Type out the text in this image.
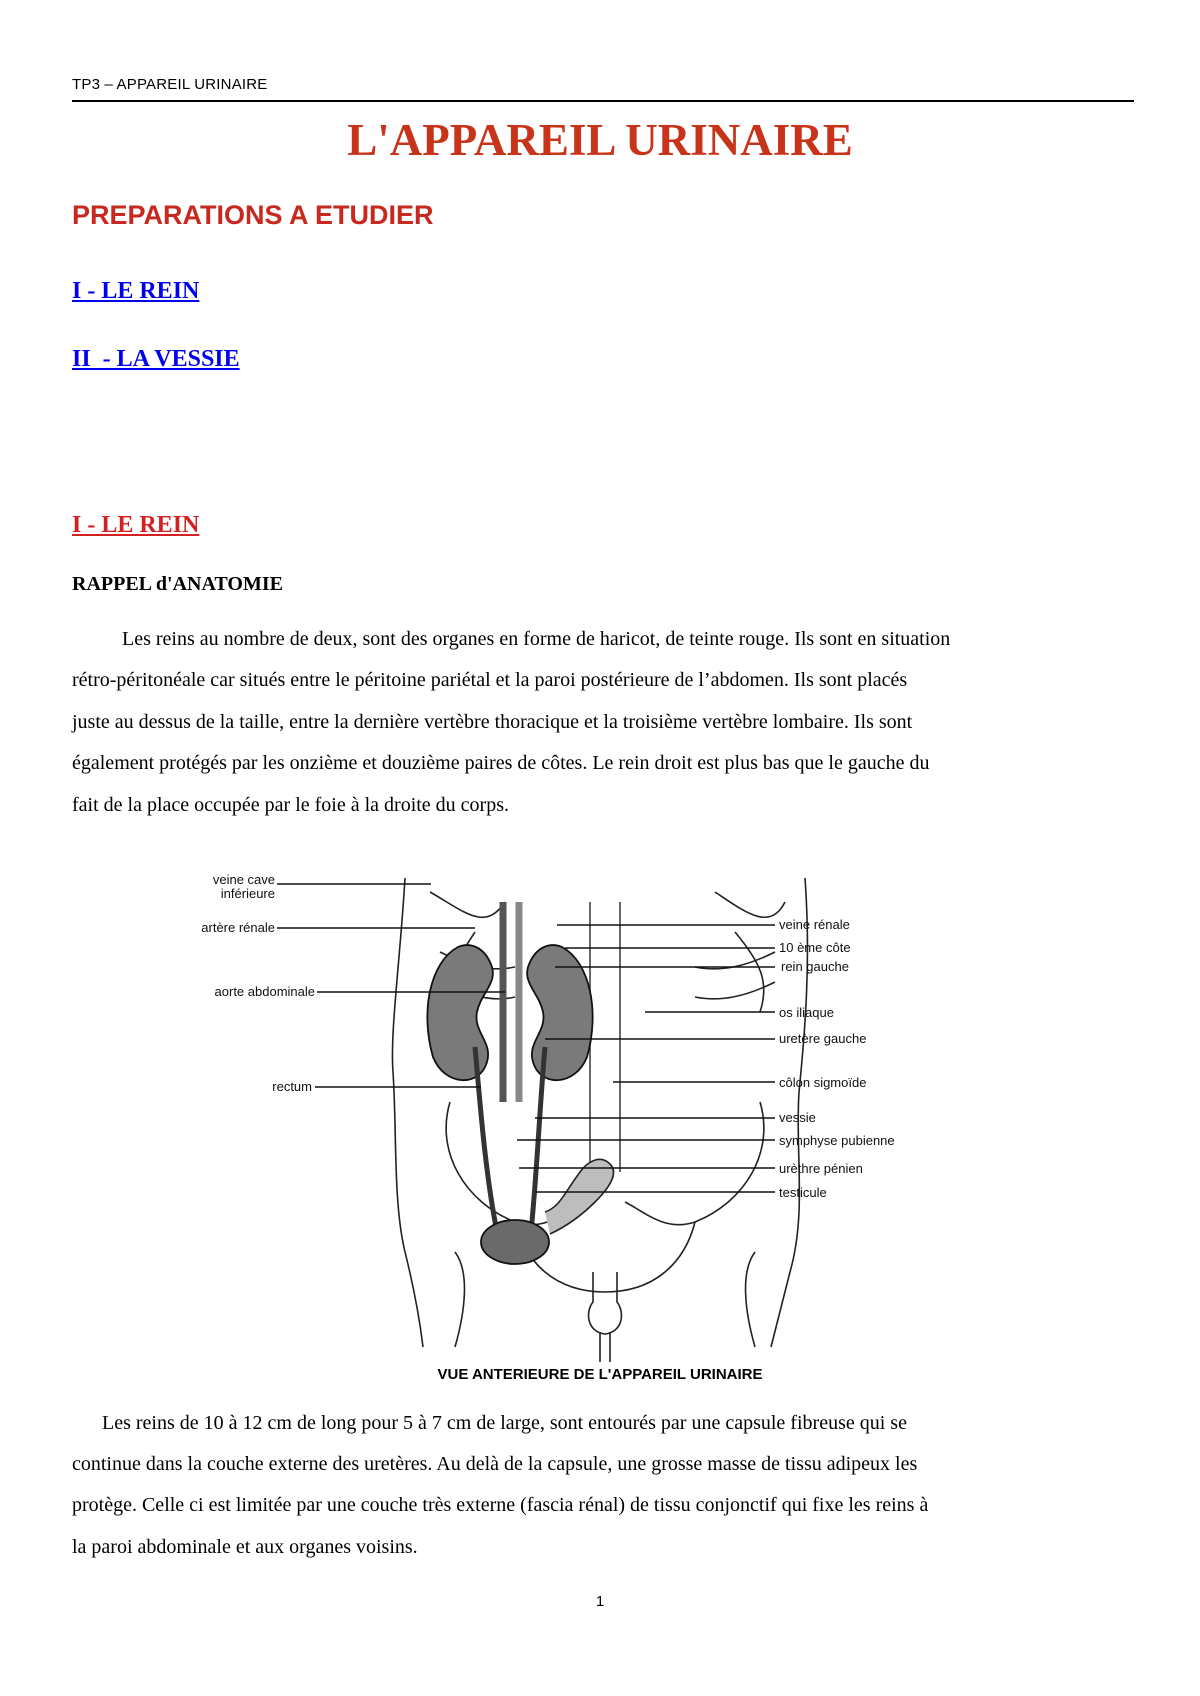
TP3 – APPAREIL URINAIRE
L'APPAREIL URINAIRE
PREPARATIONS A ETUDIER
I - LE REIN
II  - LA VESSIE
I - LE REIN
RAPPEL d'ANATOMIE

Les reins au nombre de deux, sont des organes en forme de haricot, de teinte rouge. Ils sont en situation

rétro-péritonéale car situés entre le péritoine pariétal et la paroi postérieure de l’abdomen. Ils sont placés

juste au dessus de la taille, entre la dernière vertèbre thoracique et la troisième vertèbre lombaire. Ils sont

également protégés par les onzième et douzième paires de côtes. Le rein droit est plus bas que le gauche du

fait de la place occupée par le foie à la droite du corps.

veine cave
inférieure
artère rénale
aorte abdominale
rectum
veine rénale
10 ème côte
rein gauche
os iliaque
uretère gauche
côlon sigmoïde
vessie
symphyse pubienne
urèthre pénien
testicule

VUE ANTERIEURE DE L'APPAREIL URINAIRE

Les reins de 10 à 12 cm de long pour 5 à 7 cm de large, sont entourés par une capsule fibreuse qui se

continue dans la couche externe des uretères. Au delà de la capsule, une grosse masse de tissu adipeux les

protège. Celle ci est limitée par une couche très externe (fascia rénal) de tissu conjonctif qui fixe les reins à

la paroi abdominale et aux organes voisins.

1
